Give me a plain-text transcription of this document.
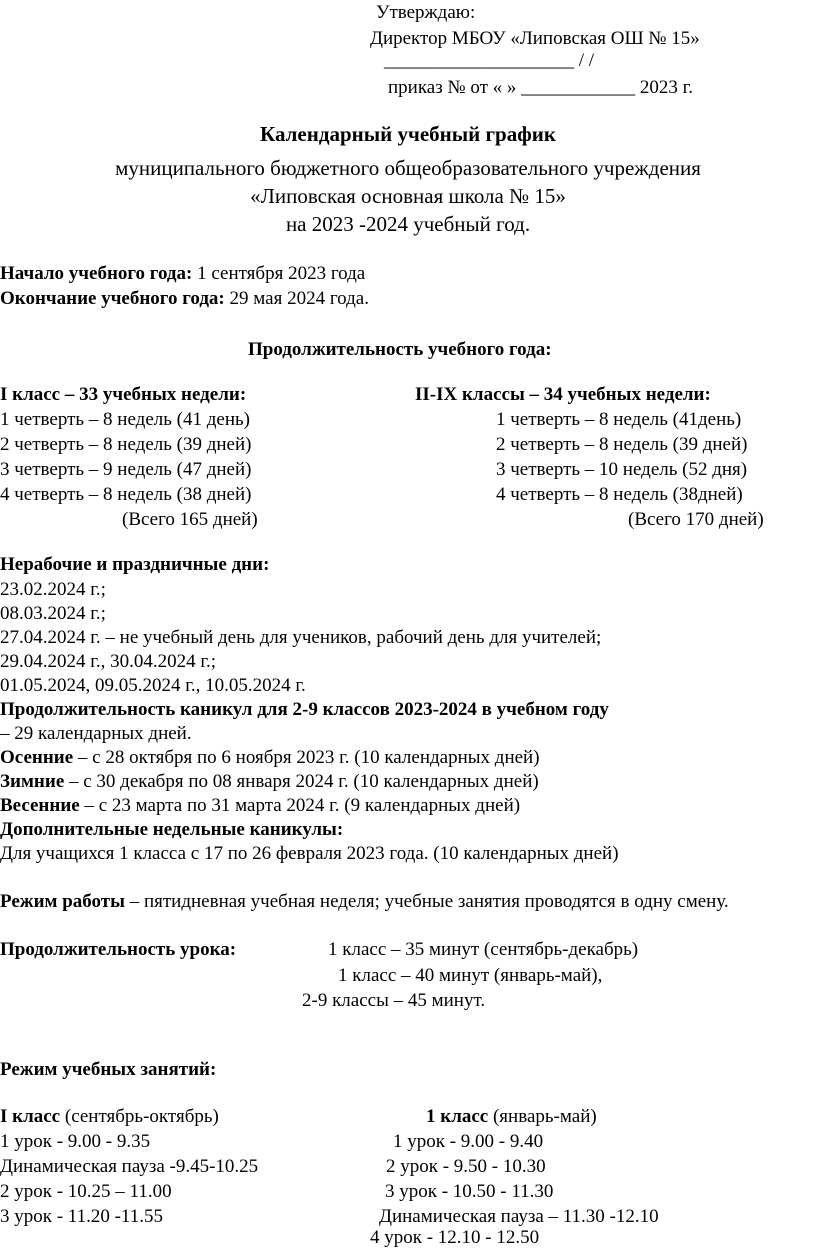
Утверждаю:
Директор МБОУ «Липовская ОШ № 15»
____________________ / /
приказ № от « » ____________ 2023 г.
Календарный учебный график
муниципального бюджетного общеобразовательного учреждения
«Липовская основная школа № 15»
на 2023 -2024 учебный год.
Начало учебного года: 1 сентября 2023 года
Окончание учебного года: 29 мая 2024 года.
Продолжительность учебного года:
I класс – 33 учебных недели:
1 четверть – 8 недель (41 день)
2 четверть – 8 недель (39 дней)
3 четверть – 9 недель (47 дней)
4 четверть – 8 недель (38 дней)
(Всего 165 дней)
II-IX классы – 34 учебных недели:
1 четверть – 8 недель (41день)
2 четверть – 8 недель (39 дней)
3 четверть – 10 недель (52 дня)
4 четверть – 8 недель (38дней)
(Всего 170 дней)
Нерабочие и праздничные дни:
23.02.2024 г.;
08.03.2024 г.;
27.04.2024 г. – не учебный день для учеников, рабочий день для учителей;
29.04.2024 г., 30.04.2024 г.;
01.05.2024, 09.05.2024 г., 10.05.2024 г.
Продолжительность каникул для 2-9 классов 2023-2024 в учебном году
– 29 календарных дней.
Осенние – с 28 октября по 6 ноября 2023 г. (10 календарных дней)
Зимние – с 30 декабря по 08 января 2024 г. (10 календарных дней)
Весенние – с 23 марта по 31 марта 2024 г. (9 календарных дней)
Дополнительные недельные каникулы:
Для учащихся 1 класса с 17 по 26 февраля 2023 года. (10 календарных дней)
Режим работы – пятидневная учебная неделя; учебные занятия проводятся в одну смену.
Продолжительность урока:	1 класс – 35 минут (сентябрь-декабрь)
1 класс – 40 минут (январь-май),
2-9 классы – 45 минут.
Режим учебных занятий:
I класс (сентябрь-октябрь)	1 класс (январь-май)
1 урок - 9.00 - 9.35
Динамическая пауза -9.45-10.25
2 урок - 10.25 – 11.00
3 урок - 11.20 -11.55
1 урок - 9.00 - 9.40
2 урок - 9.50 - 10.30
3 урок - 10.50 - 11.30
Динамическая пауза – 11.30 -12.10
4 урок - 12.10 - 12.50
